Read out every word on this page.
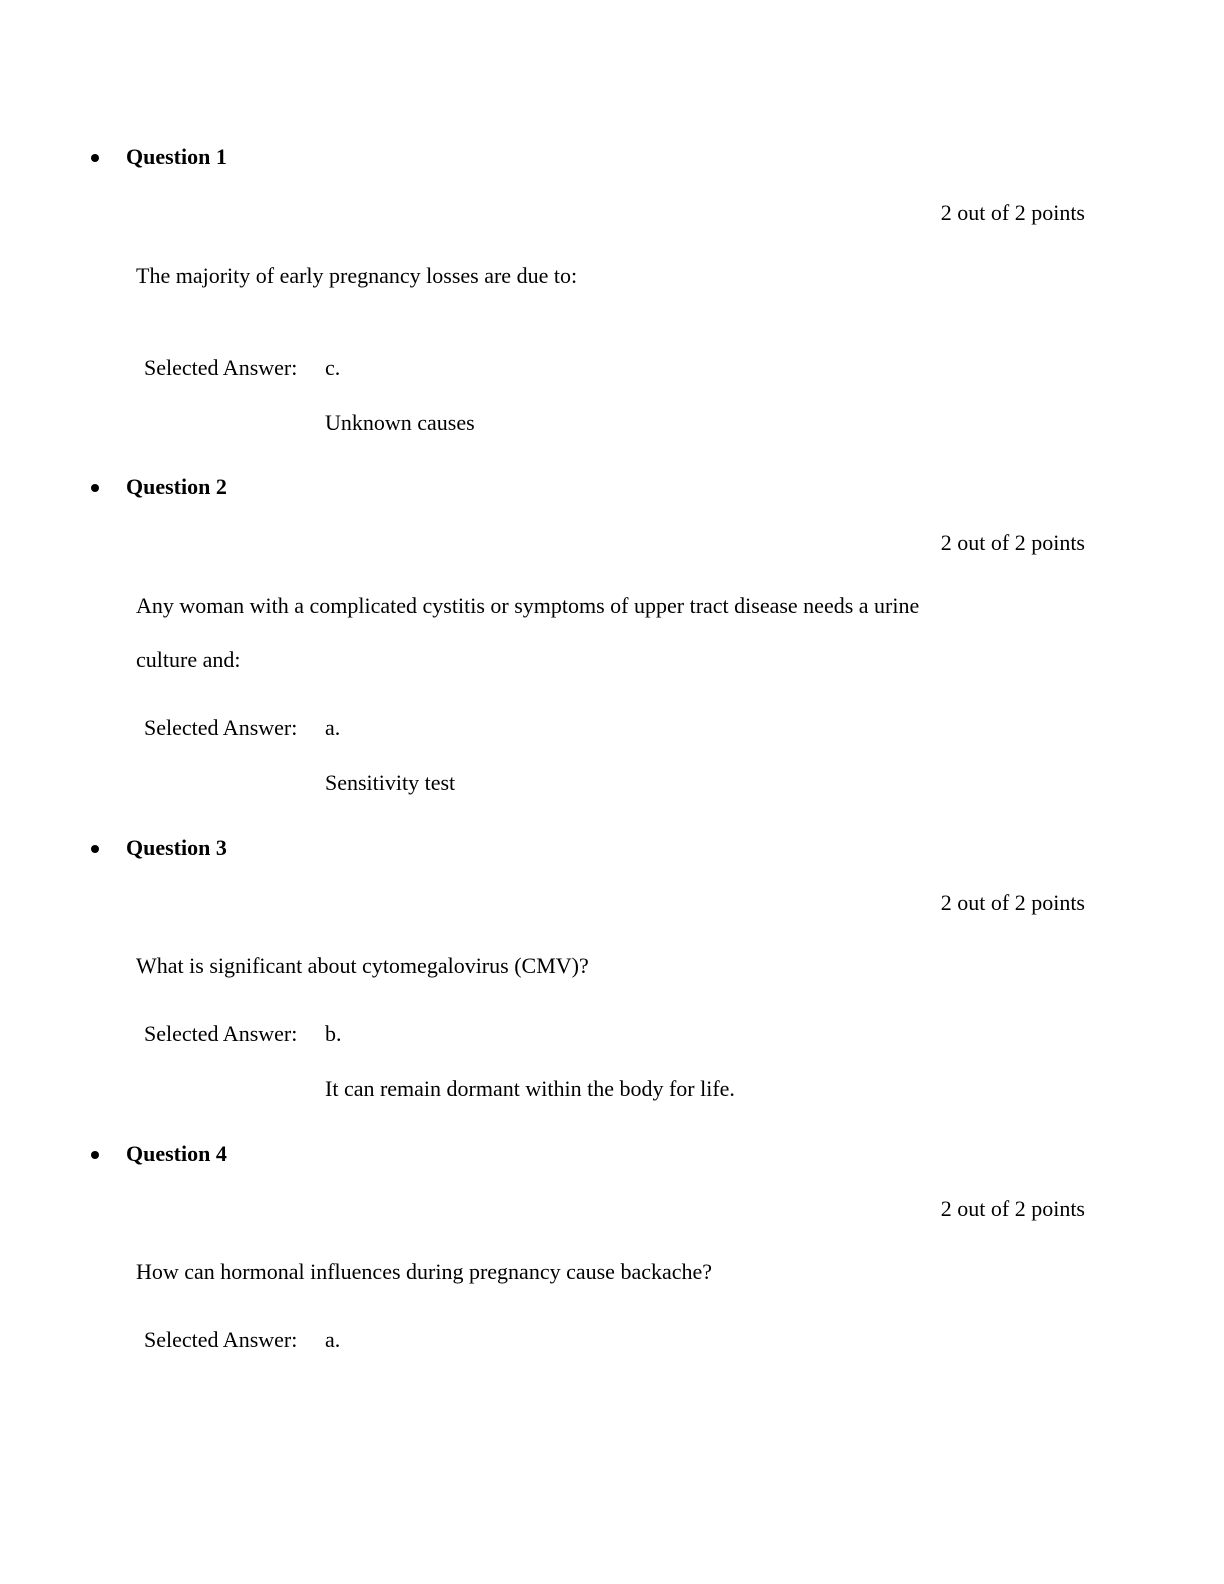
Question 1
2 out of 2 points
The majority of early pregnancy losses are due to:
Selected Answer: c.
Unknown causes
Question 2
2 out of 2 points
Any woman with a complicated cystitis or symptoms of upper tract disease needs a urine
culture and:
Selected Answer: a.
Sensitivity test
Question 3
2 out of 2 points
What is significant about cytomegalovirus (CMV)?
Selected Answer: b.
It can remain dormant within the body for life.
Question 4
2 out of 2 points
How can hormonal influences during pregnancy cause backache?
Selected Answer: a.
